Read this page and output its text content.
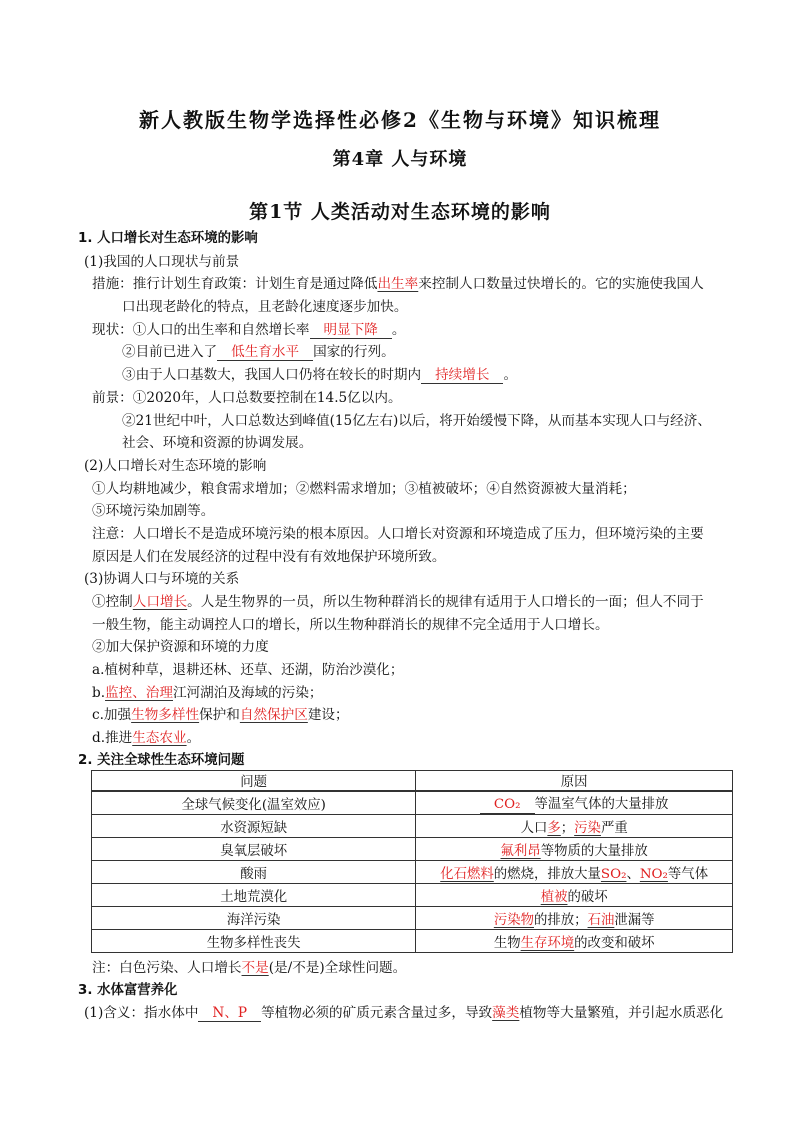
新人教版生物学选择性必修2《生物与环境》知识梳理
第4章 人与环境
第1节 人类活动对生态环境的影响
1. 人口增长对生态环境的影响
(1)我国的人口现状与前景
措施：推行计划生育政策：计划生育是通过降低出生率来控制人口数量过快增长的。它的实施使我国人
口出现老龄化的特点，且老龄化速度逐步加快。
现状：①人口的出生率和自然增长率 明显下降 。
②目前已进入了 低生育水平 国家的行列。
③由于人口基数大，我国人口仍将在较长的时期内 持续增长 。
前景：①2020年，人口总数要控制在14.5亿以内。
②21世纪中叶，人口总数达到峰值(15亿左右)以后，将开始缓慢下降，从而基本实现人口与经济、
社会、环境和资源的协调发展。
(2)人口增长对生态环境的影响
①人均耕地减少，粮食需求增加；②燃料需求增加；③植被破坏；④自然资源被大量消耗；
⑤环境污染加剧等。
注意：人口增长不是造成环境污染的根本原因。人口增长对资源和环境造成了压力，但环境污染的主要
原因是人们在发展经济的过程中没有有效地保护环境所致。
(3)协调人口与环境的关系
①控制人口增长。人是生物界的一员，所以生物种群消长的规律有适用于人口增长的一面；但人不同于
一般生物，能主动调控人口的增长，所以生物种群消长的规律不完全适用于人口增长。
②加大保护资源和环境的力度
a.植树种草，退耕还林、还草、还湖，防治沙漠化；
b.监控、治理江河湖泊及海域的污染；
c.加强生物多样性保护和自然保护区建设；
d.推进生态农业。
2. 关注全球性生态环境问题
问题	原因
全球气候变化(温室效应)	CO₂ 等温室气体的大量排放
水资源短缺	人口多；污染严重
臭氧层破坏	氟利昂等物质的大量排放
酸雨	化石燃料的燃烧，排放大量SO₂、NO₂等气体
土地荒漠化	植被的破坏
海洋污染	污染物的排放；石油泄漏等
生物多样性丧失	生物生存环境的改变和破坏
注：白色污染、人口增长不是(是/不是)全球性问题。
3. 水体富营养化
(1)含义：指水体中 N、P 等植物必须的矿质元素含量过多，导致藻类植物等大量繁殖，并引起水质恶化
